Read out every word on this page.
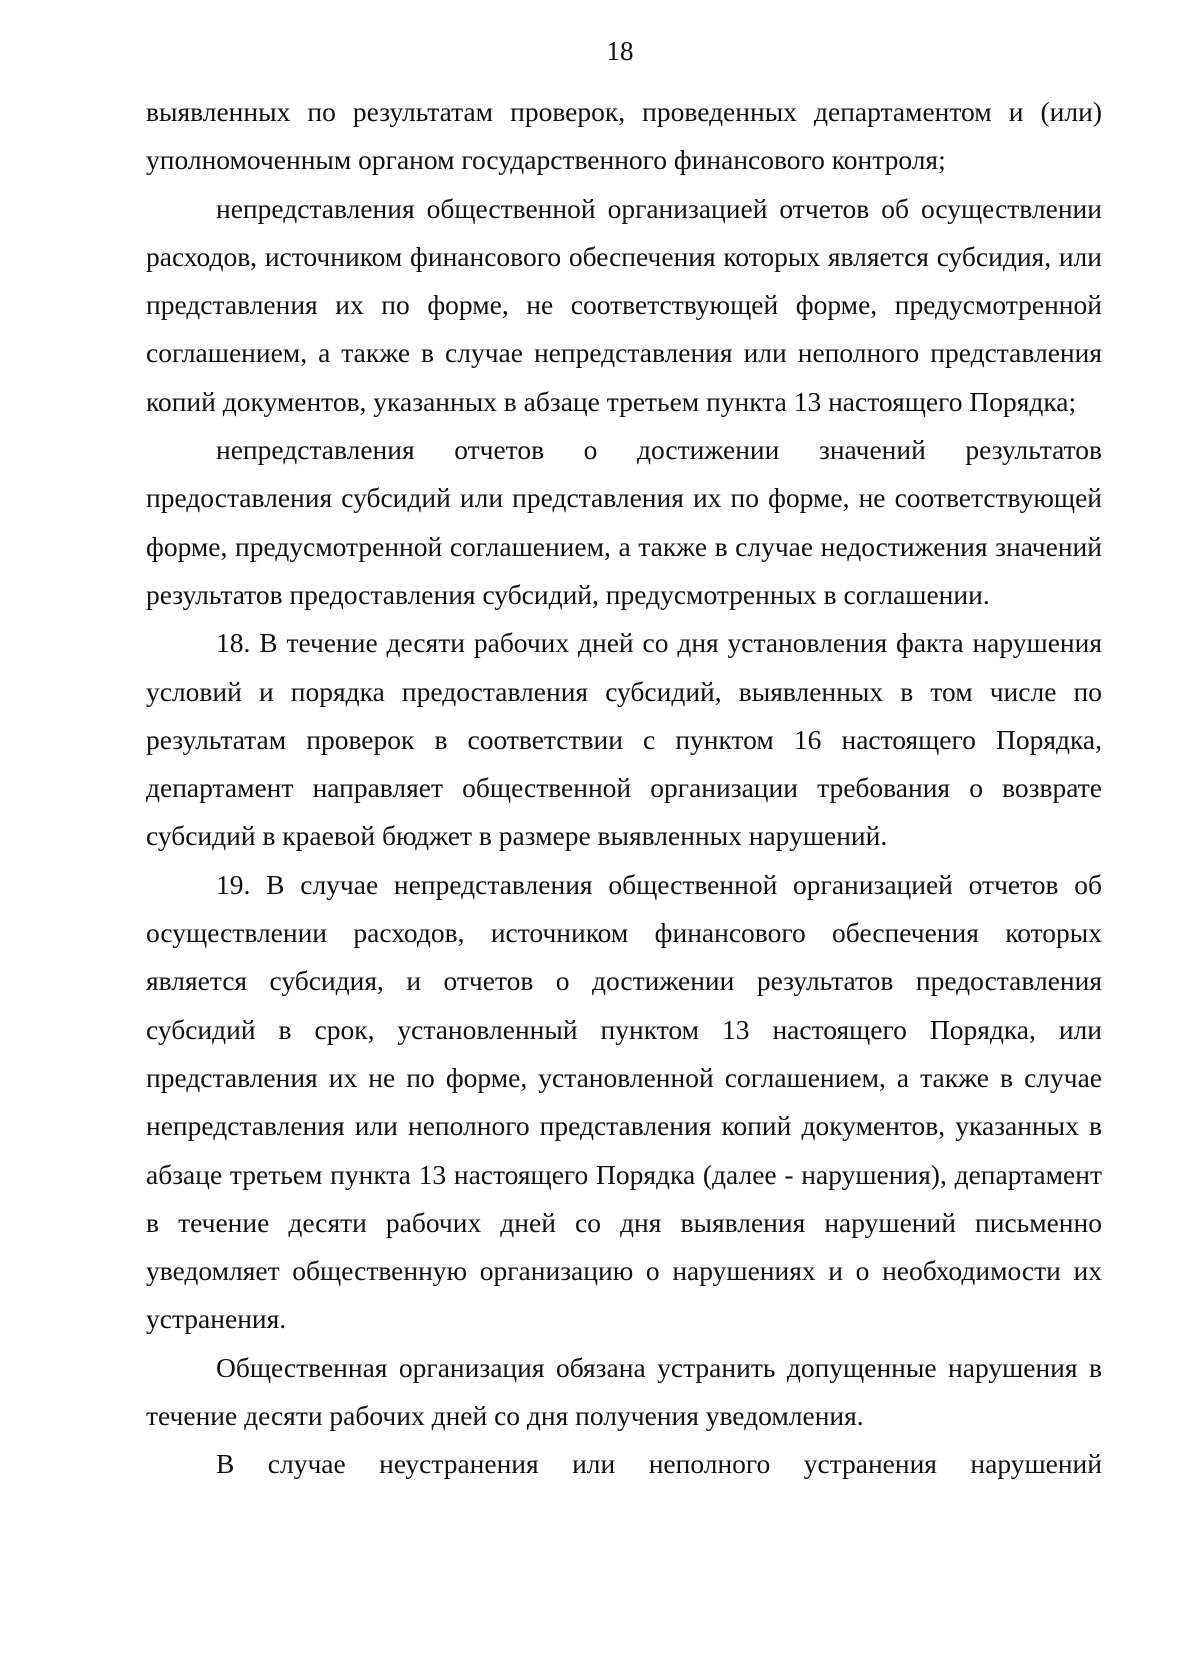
18

выявленных по результатам проверок, проведенных департаментом и (или) уполномоченным органом государственного финансового контроля;

непредставления общественной организацией отчетов об осуществлении расходов, источником финансового обеспечения которых является субсидия, или представления их по форме, не соответствующей форме, предусмотренной соглашением, а также в случае непредставления или неполного представления копий документов, указанных в абзаце третьем пункта 13 настоящего Порядка;

непредставления отчетов о достижении значений результатов предоставления субсидий или представления их по форме, не соответствующей форме, предусмотренной соглашением, а также в случае недостижения значений результатов предоставления субсидий, предусмотренных в соглашении.

18. В течение десяти рабочих дней со дня установления факта нарушения условий и порядка предоставления субсидий, выявленных в том числе по результатам проверок в соответствии с пунктом 16 настоящего Порядка, департамент направляет общественной организации требования о возврате субсидий в краевой бюджет в размере выявленных нарушений.

19. В случае непредставления общественной организацией отчетов об осуществлении расходов, источником финансового обеспечения которых является субсидия, и отчетов о достижении результатов предоставления субсидий в срок, установленный пунктом 13 настоящего Порядка, или представления их не по форме, установленной соглашением, а также в случае непредставления или неполного представления копий документов, указанных в абзаце третьем пункта 13 настоящего Порядка (далее - нарушения), департамент в течение десяти рабочих дней со дня выявления нарушений письменно уведомляет общественную организацию о нарушениях и о необходимости их устранения.

Общественная организация обязана устранить допущенные нарушения в течение десяти рабочих дней со дня получения уведомления.

В случае неустранения или неполного устранения нарушений
